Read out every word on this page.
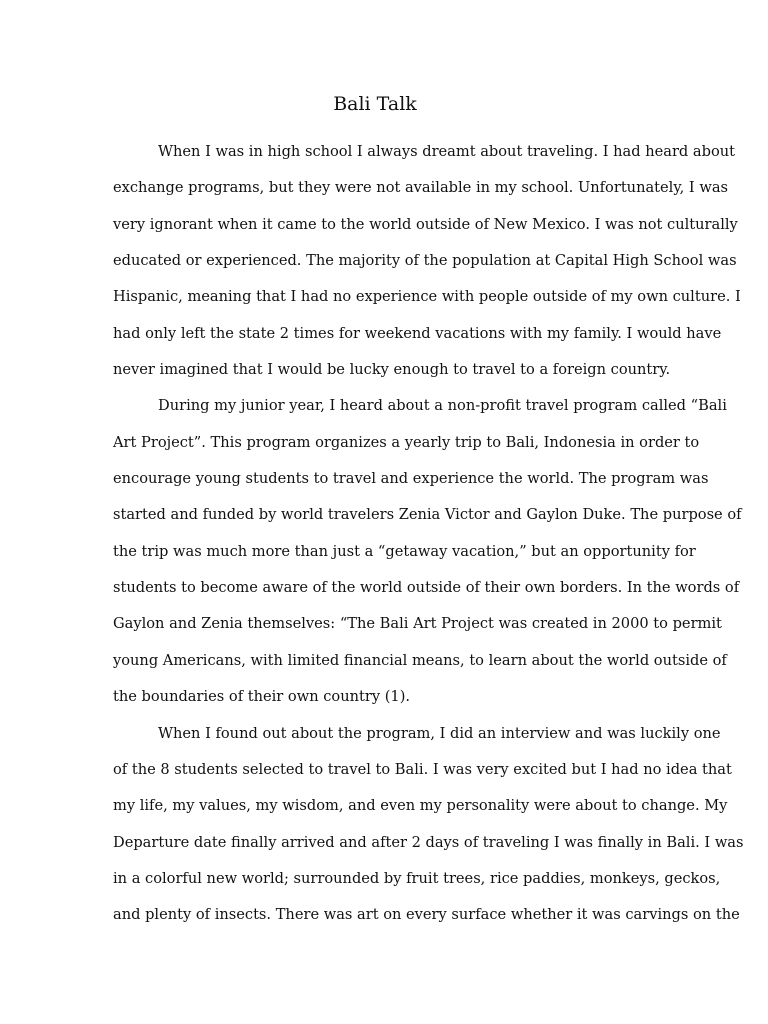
Bali Talk
When I was in high school I always dreamt about traveling. I had heard about
exchange programs, but they were not available in my school. Unfortunately, I was
very ignorant when it came to the world outside of New Mexico. I was not culturally
educated or experienced. The majority of the population at Capital High School was
Hispanic, meaning that I had no experience with people outside of my own culture. I
had only left the state 2 times for weekend vacations with my family. I would have
never imagined that I would be lucky enough to travel to a foreign country.
During my junior year, I heard about a non-profit travel program called “Bali
Art Project”. This program organizes a yearly trip to Bali, Indonesia in order to
encourage young students to travel and experience the world. The program was
started and funded by world travelers Zenia Victor and Gaylon Duke. The purpose of
the trip was much more than just a “getaway vacation,” but an opportunity for
students to become aware of the world outside of their own borders. In the words of
Gaylon and Zenia themselves: “The Bali Art Project was created in 2000 to permit
young Americans, with limited financial means, to learn about the world outside of
the boundaries of their own country (1).
When I found out about the program, I did an interview and was luckily one
of the 8 students selected to travel to Bali. I was very excited but I had no idea that
my life, my values, my wisdom, and even my personality were about to change. My
Departure date finally arrived and after 2 days of traveling I was finally in Bali. I was
in a colorful new world; surrounded by fruit trees, rice paddies, monkeys, geckos,
and plenty of insects. There was art on every surface whether it was carvings on the
